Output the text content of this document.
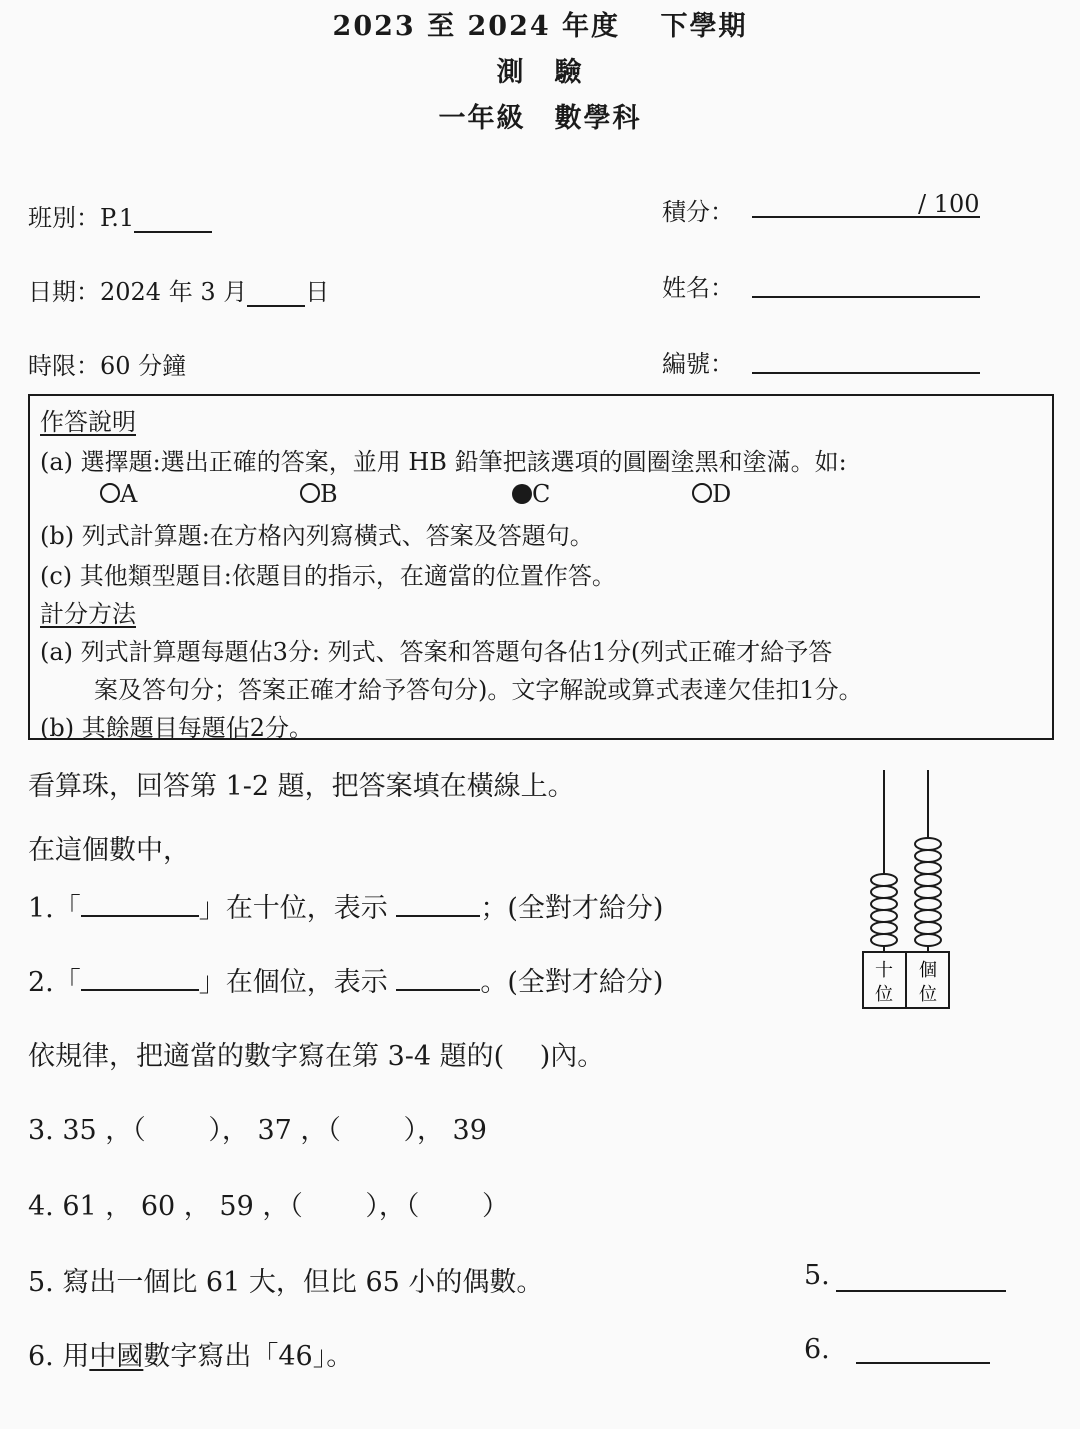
2023 至 2024 年度　 下學期
測　驗
一年級　數學科
班別：P.1
日期：2024 年 3 月 日
時限：60 分鐘
積分：	/ 100
姓名：
編號：
作答說明
(a) 選擇題:選出正確的答案，並用 HB 鉛筆把該選項的圓圈塗黑和塗滿。如:
A	B	C	D
(b) 列式計算題:在方格內列寫橫式、答案及答題句。
(c) 其他類型題目:依題目的指示，在適當的位置作答。
計分方法
(a) 列式計算題每題佔3分: 列式、答案和答題句各佔1分(列式正確才給予答
案及答句分；答案正確才給予答句分)。文字解說或算式表達欠佳扣1分。
(b) 其餘題目每題佔2分。
十
位
個
位
看算珠，回答第 1-2 題，把答案填在橫線上。
在這個數中，
1.「	」在十位，表示	；(全對才給分)
2.「	」在個位，表示	。(全對才給分)
依規律，把適當的數字寫在第 3-4 題的(　 )內。
3. 35 ，（　　 ）， 37 ，（　　 ）， 39
4. 61 ， 60 ， 59 ，（　　 ），（　　 ）
5. 寫出一個比 61 大，但比 65 小的偶數。	5.
6. 用中國數字寫出「46」。	6.
